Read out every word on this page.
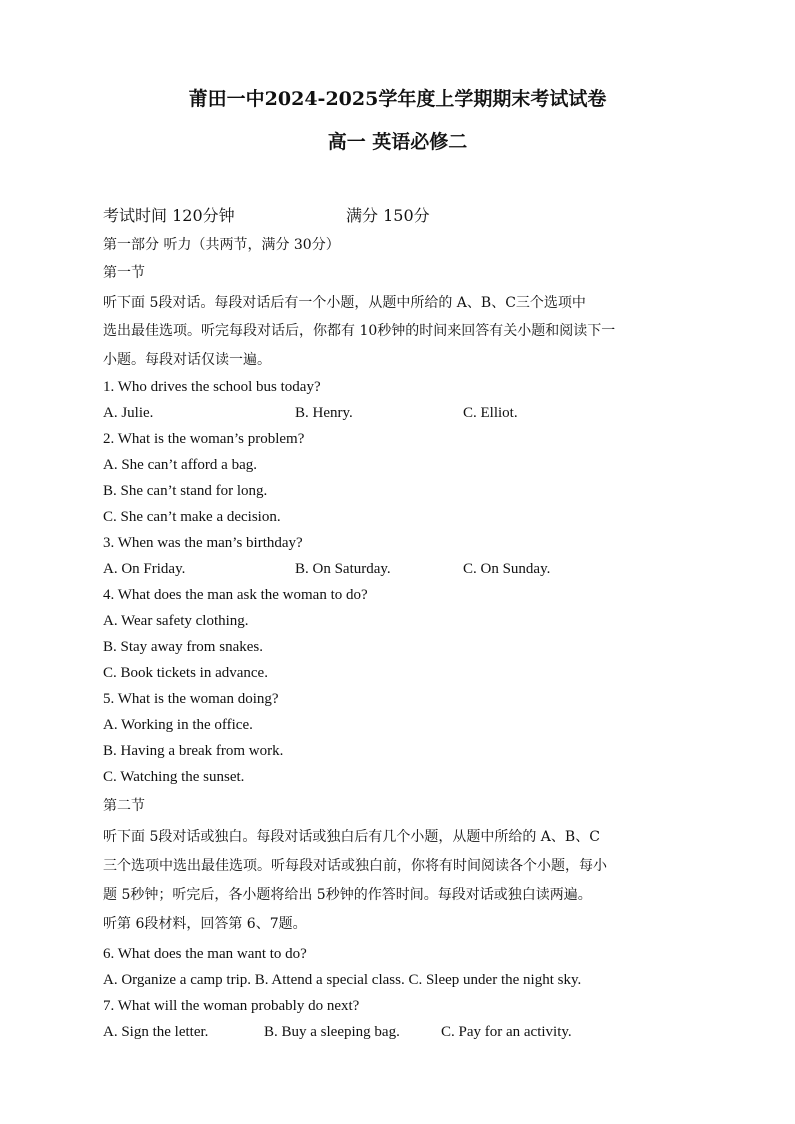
莆田一中2024-2025学年度上学期期末考试试卷
高一 英语必修二
考试时间 120分钟	满分 150分
第一部分 听力（共两节，满分 30分）
第一节
听下面 5段对话。每段对话后有一个小题，从题中所给的 A、B、C三个选项中
选出最佳选项。听完每段对话后，你都有 10秒钟的时间来回答有关小题和阅读下一
小题。每段对话仅读一遍。
1. Who drives the school bus today?
A. Julie.	B. Henry.	C. Elliot.
2. What is the woman’s problem?
A. She can’t afford a bag.
B. She can’t stand for long.
C. She can’t make a decision.
3. When was the man’s birthday?
A. On Friday.	B. On Saturday.	C. On Sunday.
4. What does the man ask the woman to do?
A. Wear safety clothing.
B. Stay away from snakes.
C. Book tickets in advance.
5. What is the woman doing?
A. Working in the office.
B. Having a break from work.
C. Watching the sunset.
第二节
听下面 5段对话或独白。每段对话或独白后有几个小题，从题中所给的 A、B、C
三个选项中选出最佳选项。听每段对话或独白前，你将有时间阅读各个小题，每小
题 5秒钟；听完后，各小题将给出 5秒钟的作答时间。每段对话或独白读两遍。
听第 6段材料，回答第 6、7题。
6. What does the man want to do?
A. Organize a camp trip. B. Attend a special class. C. Sleep under the night sky.
7. What will the woman probably do next?
A. Sign the letter.	B. Buy a sleeping bag.	C. Pay for an activity.
